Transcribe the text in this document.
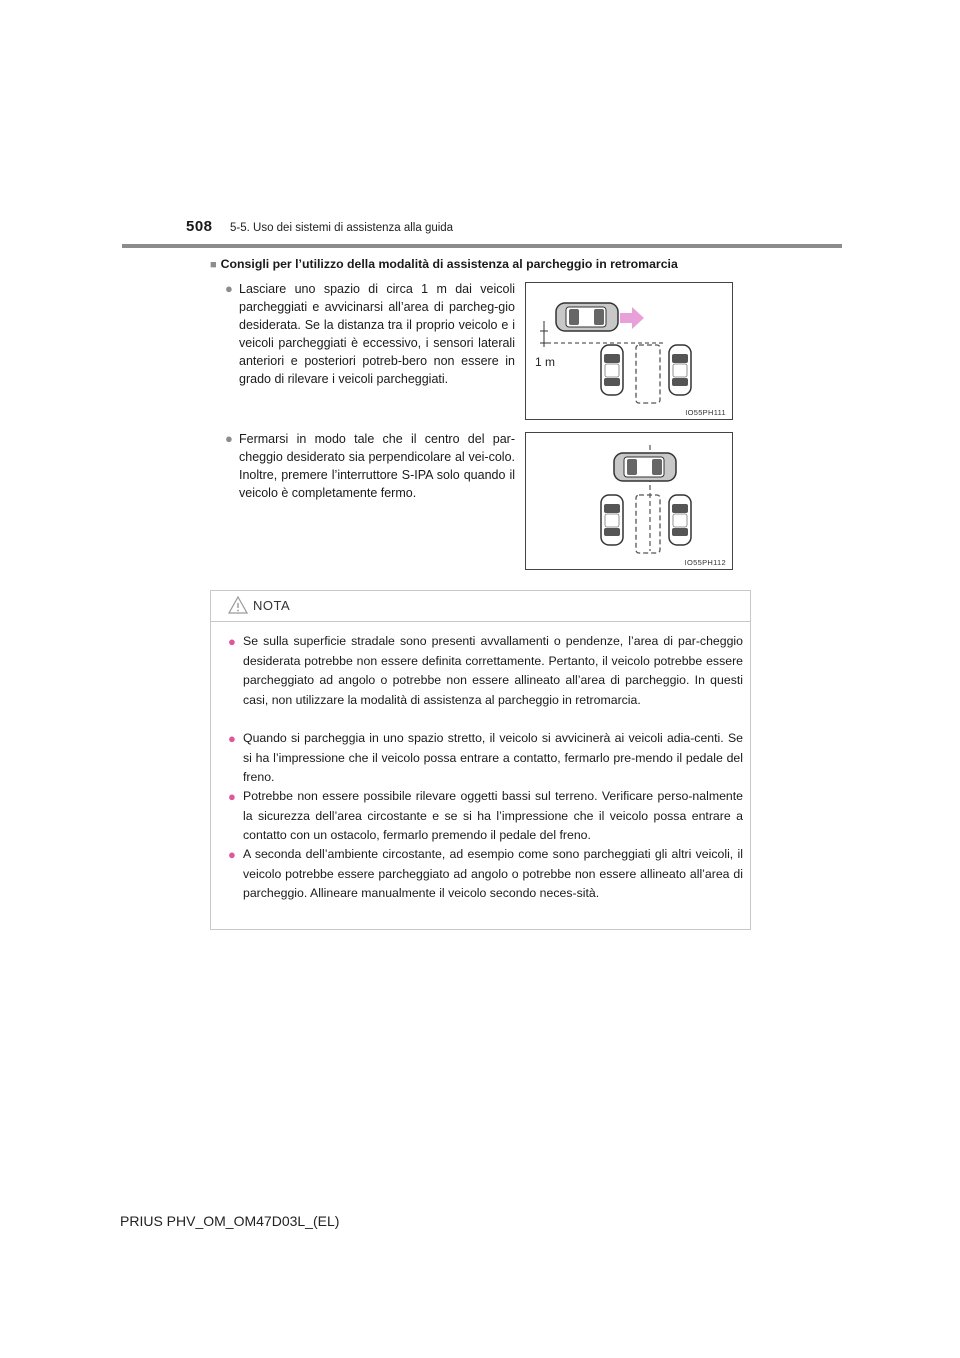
508 5-5. Uso dei sistemi di assistenza alla guida
■ Consigli per l’utilizzo della modalità di assistenza al parcheggio in retromarcia
● Lasciare uno spazio di circa 1 m dai veicoli parcheggiati e avvicinarsi all’area di parcheg-gio desiderata. Se la distanza tra il proprio veicolo e i veicoli parcheggiati è eccessivo, i sensori laterali anteriori e posteriori potreb-bero non essere in grado di rilevare i veicoli parcheggiati.
● Fermarsi in modo tale che il centro del par-cheggio desiderato sia perpendicolare al vei-colo. Inoltre, premere l’interruttore S-IPA solo quando il veicolo è completamente fermo.
1 m
IO55PH111
IO55PH112
NOTA
● Se sulla superficie stradale sono presenti avvallamenti o pendenze, l’area di par-cheggio desiderata potrebbe non essere definita correttamente. Pertanto, il veicolo potrebbe essere parcheggiato ad angolo o potrebbe non essere allineato all’area di parcheggio. In questi casi, non utilizzare la modalità di assistenza al parcheggio in retromarcia.
● Quando si parcheggia in uno spazio stretto, il veicolo si avvicinerà ai veicoli adia-centi. Se si ha l’impressione che il veicolo possa entrare a contatto, fermarlo pre-mendo il pedale del freno.
● Potrebbe non essere possibile rilevare oggetti bassi sul terreno. Verificare perso-nalmente la sicurezza dell’area circostante e se si ha l’impressione che il veicolo possa entrare a contatto con un ostacolo, fermarlo premendo il pedale del freno.
● A seconda dell’ambiente circostante, ad esempio come sono parcheggiati gli altri veicoli, il veicolo potrebbe essere parcheggiato ad angolo o potrebbe non essere allineato all’area di parcheggio. Allineare manualmente il veicolo secondo neces-sità.
PRIUS PHV_OM_OM47D03L_(EL)
